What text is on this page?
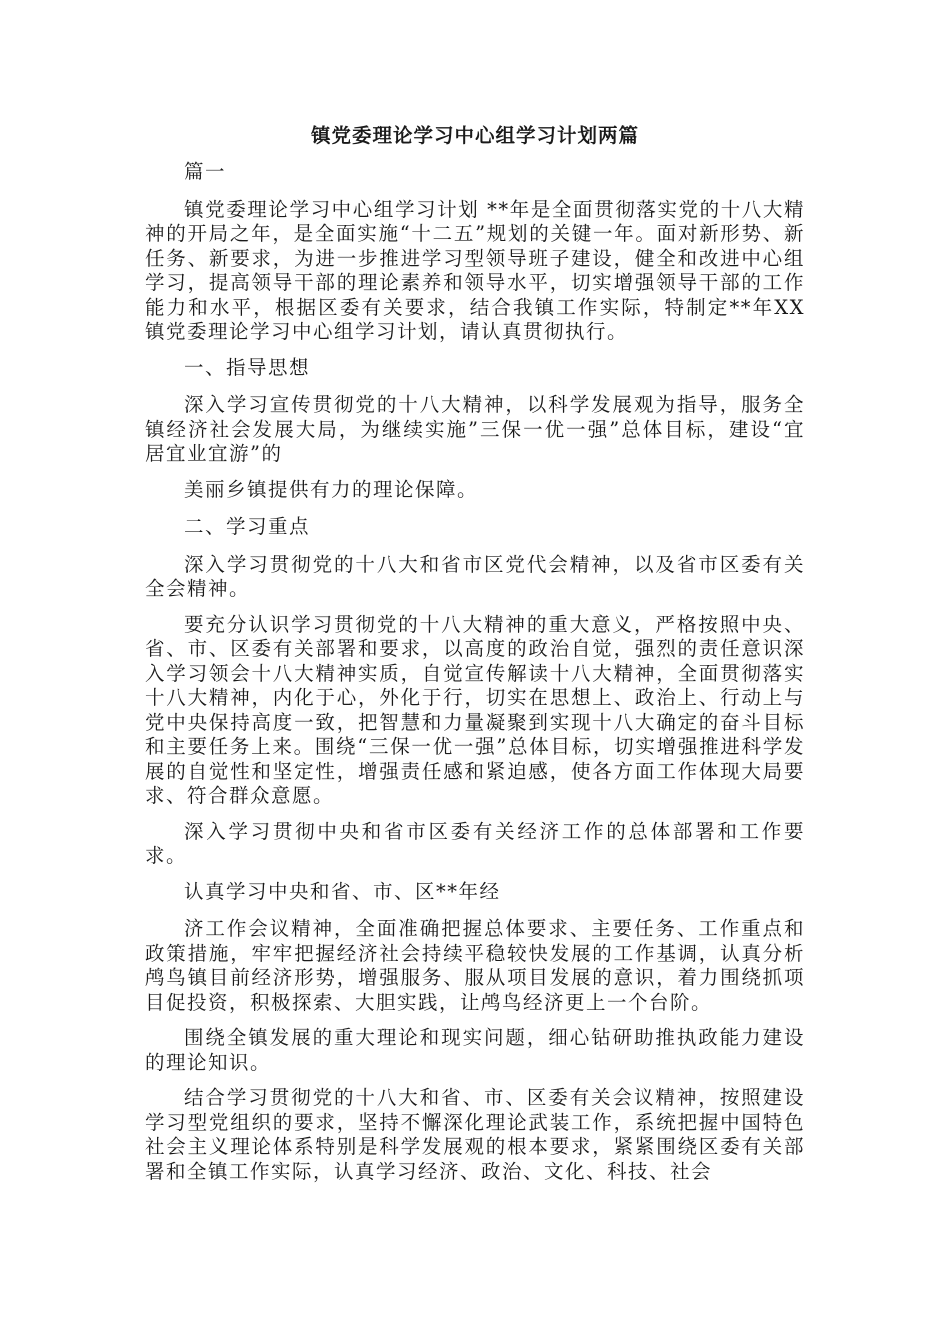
镇党委理论学习中心组学习计划两篇

篇一

镇党委理论学习中心组学习计划 **年是全面贯彻落实党的十八大精神的开局之年，是全面实施“十二五”规划的关键一年。面对新形势、新任务、新要求，为进一步推进学习型领导班子建设，健全和改进中心组学习，提高领导干部的理论素养和领导水平，切实增强领导干部的工作能力和水平，根据区委有关要求，结合我镇工作实际，特制定**年XX镇党委理论学习中心组学习计划，请认真贯彻执行。

一、指导思想

深入学习宣传贯彻党的十八大精神，以科学发展观为指导，服务全镇经济社会发展大局，为继续实施”三保一优一强”总体目标，建设“宜居宜业宜游”的

美丽乡镇提供有力的理论保障。

二、学习重点

深入学习贯彻党的十八大和省市区党代会精神，以及省市区委有关全会精神。

要充分认识学习贯彻党的十八大精神的重大意义，严格按照中央、省、市、区委有关部署和要求，以高度的政治自觉，强烈的责任意识深入学习领会十八大精神实质，自觉宣传解读十八大精神，全面贯彻落实十八大精神，内化于心，外化于行，切实在思想上、政治上、行动上与党中央保持高度一致，把智慧和力量凝聚到实现十八大确定的奋斗目标和主要任务上来。围绕“三保一优一强”总体目标，切实增强推进科学发展的自觉性和坚定性，增强责任感和紧迫感，使各方面工作体现大局要求、符合群众意愿。

深入学习贯彻中央和省市区委有关经济工作的总体部署和工作要求。

认真学习中央和省、市、区**年经

济工作会议精神，全面准确把握总体要求、主要任务、工作重点和政策措施，牢牢把握经济社会持续平稳较快发展的工作基调，认真分析鸬鸟镇目前经济形势，增强服务、服从项目发展的意识，着力围绕抓项目促投资，积极探索、大胆实践，让鸬鸟经济更上一个台阶。

围绕全镇发展的重大理论和现实问题，细心钻研助推执政能力建设的理论知识。

结合学习贯彻党的十八大和省、市、区委有关会议精神，按照建设学习型党组织的要求，坚持不懈深化理论武装工作，系统把握中国特色社会主义理论体系特别是科学发展观的根本要求，紧紧围绕区委有关部署和全镇工作实际，认真学习经济、政治、文化、科技、社会
